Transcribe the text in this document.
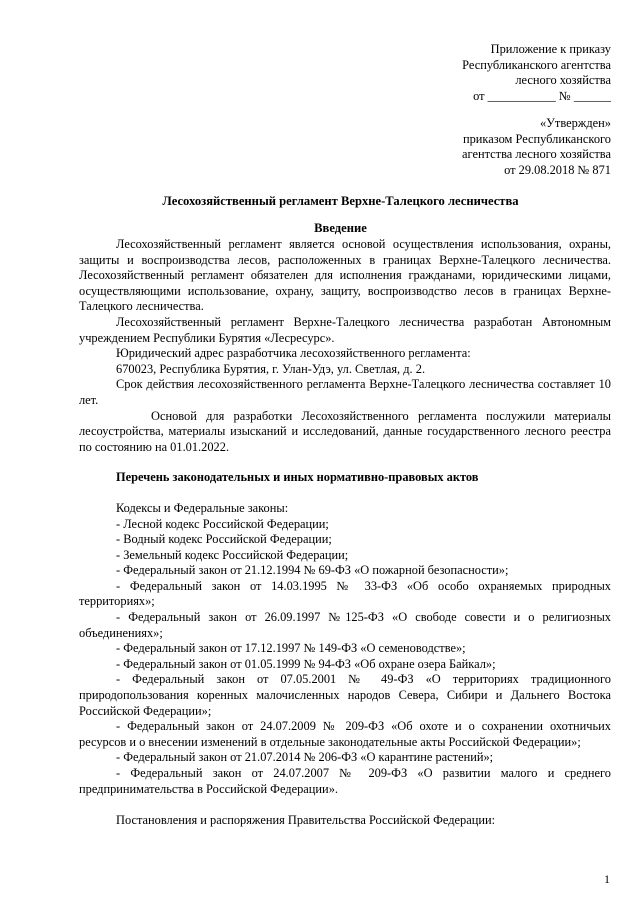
Приложение к приказу
Республиканского агентства
лесного хозяйства
от ___________ № ______
«Утвержден»
приказом Республиканского
агентства лесного хозяйства
от 29.08.2018 № 871
Лесохозяйственный регламент Верхне-Талецкого лесничества
Введение
Лесохозяйственный регламент является основой осуществления использования, охраны, защиты и воспроизводства лесов, расположенных в границах Верхне-Талецкого лесничества. Лесохозяйственный регламент обязателен для исполнения гражданами, юридическими лицами, осуществляющими использование, охрану, защиту, воспроизводство лесов в границах Верхне-Талецкого лесничества.
Лесохозяйственный регламент Верхне-Талецкого лесничества разработан Автономным учреждением Республики Бурятия «Лесресурс».
Юридический адрес разработчика лесохозяйственного регламента:
670023, Республика Бурятия, г. Улан-Удэ, ул. Светлая, д. 2.
Срок действия лесохозяйственного регламента Верхне-Талецкого лесничества составляет 10 лет.
Основой для разработки Лесохозяйственного регламента послужили материалы лесоустройства, материалы изысканий и исследований, данные государственного лесного реестра по состоянию на 01.01.2022.
Перечень законодательных и иных нормативно-правовых актов
Кодексы и Федеральные законы:
- Лесной кодекс Российской Федерации;
- Водный кодекс Российской Федерации;
- Земельный кодекс Российской Федерации;
- Федеральный закон от 21.12.1994 № 69-ФЗ «О пожарной безопасности»;
- Федеральный закон от 14.03.1995 № 33-ФЗ «Об особо охраняемых природных территориях»;
- Федеральный закон от 26.09.1997 №125-ФЗ «О свободе совести и о религиозных объединениях»;
- Федеральный закон от 17.12.1997 № 149-ФЗ «О семеноводстве»;
- Федеральный закон от 01.05.1999 № 94-ФЗ «Об охране озера Байкал»;
- Федеральный закон от 07.05.2001 № 49-ФЗ «О территориях традиционного природопользования коренных малочисленных народов Севера, Сибири и Дальнего Востока Российской Федерации»;
- Федеральный закон от 24.07.2009 № 209-ФЗ «Об охоте и о сохранении охотничьих ресурсов и о внесении изменений в отдельные законодательные акты Российской Федерации»;
- Федеральный закон от 21.07.2014 № 206-ФЗ «О карантине растений»;
- Федеральный закон от 24.07.2007 № 209-ФЗ «О развитии малого и среднего предпринимательства в Российской Федерации».
Постановления и распоряжения Правительства Российской Федерации:
1
